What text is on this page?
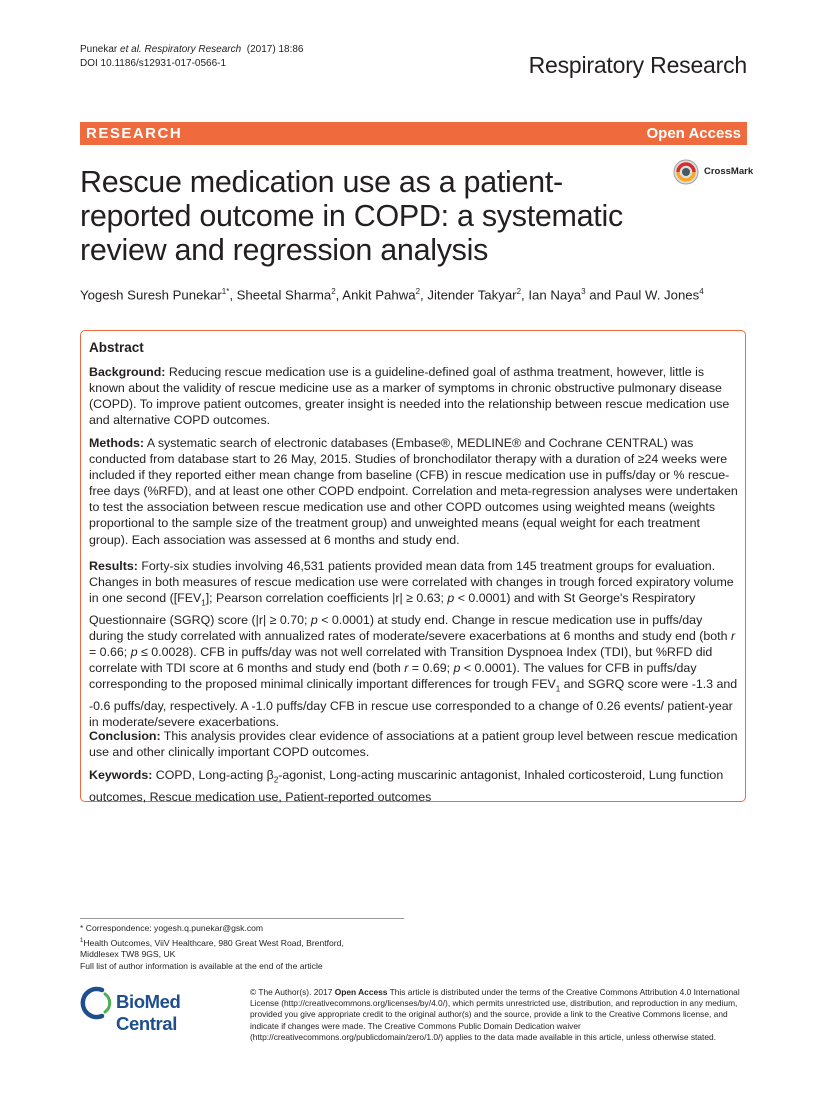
Punekar et al. Respiratory Research (2017) 18:86
DOI 10.1186/s12931-017-0566-1	Respiratory Research
RESEARCH	Open Access
CrossMark
Rescue medication use as a patient-
reported outcome in COPD: a systematic
review and regression analysis
Yogesh Suresh Punekar$^{1*}$, Sheetal Sharma$^2$, Ankit Pahwa$^2$, Jitender Takyar$^2$, Ian Naya$^3$ and Paul W. Jones$^4$
Abstract
Background: Reducing rescue medication use is a guideline-defined goal of asthma treatment, however, little is known about the validity of rescue medicine use as a marker of symptoms in chronic obstructive pulmonary disease (COPD). To improve patient outcomes, greater insight is needed into the relationship between rescue medication use and alternative COPD outcomes.
Methods: A systematic search of electronic databases (Embase®, MEDLINE® and Cochrane CENTRAL) was conducted from database start to 26 May, 2015. Studies of bronchodilator therapy with a duration of ≥24 weeks were included if they reported either mean change from baseline (CFB) in rescue medication use in puffs/day or % rescue-free days (%RFD), and at least one other COPD endpoint. Correlation and meta-regression analyses were undertaken to test the association between rescue medication use and other COPD outcomes using weighted means (weights proportional to the sample size of the treatment group) and unweighted means (equal weight for each treatment group). Each association was assessed at 6 months and study end.
Results: Forty-six studies involving 46,531 patients provided mean data from 145 treatment groups for evaluation. Changes in both measures of rescue medication use were correlated with changes in trough forced expiratory volume in one second ($[FEV_1]$; Pearson correlation coefficients |r| ≥ 0.63; p < 0.0001) and with St George's Respiratory Questionnaire (SGRQ) score (|r| ≥ 0.70; p < 0.0001) at study end. Change in rescue medication use in puffs/day during the study correlated with annualized rates of moderate/severe exacerbations at 6 months and study end (both r = 0.66; p ≤ 0.0028). CFB in puffs/day was not well correlated with Transition Dyspnoea Index (TDI), but %RFD did correlate with TDI score at 6 months and study end (both r = 0.69; p < 0.0001). The values for CFB in puffs/day corresponding to the proposed minimal clinically important differences for trough $FEV_1$ and SGRQ score were -1.3 and -0.6 puffs/day, respectively. A -1.0 puffs/day CFB in rescue use corresponded to a change of 0.26 events/ patient-year in moderate/severe exacerbations.
Conclusion: This analysis provides clear evidence of associations at a patient group level between rescue medication use and other clinically important COPD outcomes.
Keywords: COPD, Long-acting $\beta_2$-agonist, Long-acting muscarinic antagonist, Inhaled corticosteroid, Lung function outcomes, Rescue medication use, Patient-reported outcomes
* Correspondence: yogesh.q.punekar@gsk.com
$^1$Health Outcomes, ViiV Healthcare, 980 Great West Road, Brentford,
Middlesex TW8 9GS, UK
Full list of author information is available at the end of the article
BioMed Central
© The Author(s). 2017 Open Access This article is distributed under the terms of the Creative Commons Attribution 4.0 International License (http://creativecommons.org/licenses/by/4.0/), which permits unrestricted use, distribution, and reproduction in any medium, provided you give appropriate credit to the original author(s) and the source, provide a link to the Creative Commons license, and indicate if changes were made. The Creative Commons Public Domain Dedication waiver (http://creativecommons.org/publicdomain/zero/1.0/) applies to the data made available in this article, unless otherwise stated.
